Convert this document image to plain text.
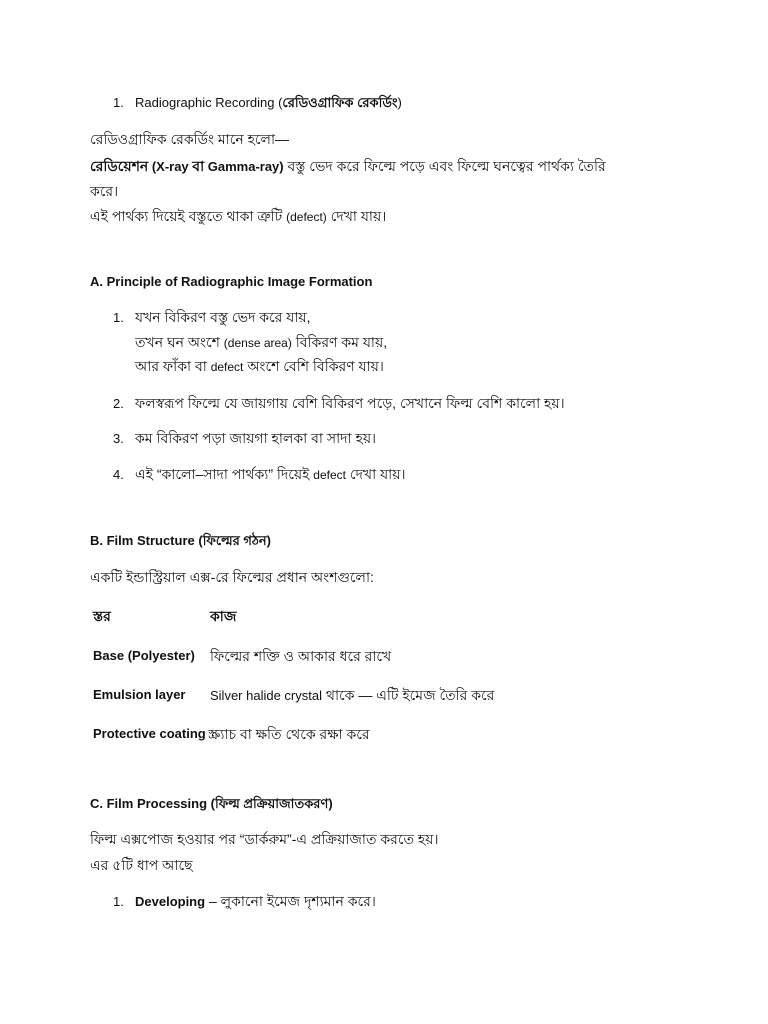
1. Radiographic Recording (রেডিওগ্রাফিক রেকর্ডিং)
রেডিওগ্রাফিক রেকর্ডিং মানে হলো—
রেডিয়েশন (X-ray বা Gamma-ray) বস্তু ভেদ করে ফিল্মে পড়ে এবং ফিল্মে ঘনত্বের পার্থক্য তৈরি
করে।
এই পার্থক্য দিয়েই বস্তুতে থাকা ত্রুটি (defect) দেখা যায়।
A. Principle of Radiographic Image Formation
1. যখন বিকিরণ বস্তু ভেদ করে যায়,
তখন ঘন অংশে (dense area) বিকিরণ কম যায়,
আর ফাঁকা বা defect অংশে বেশি বিকিরণ যায়।
2. ফলস্বরূপ ফিল্মে যে জায়গায় বেশি বিকিরণ পড়ে, সেখানে ফিল্ম বেশি কালো হয়।
3. কম বিকিরণ পড়া জায়গা হালকা বা সাদা হয়।
4. এই “কালো–সাদা পার্থক্য” দিয়েই defect দেখা যায়।
B. Film Structure (ফিল্মের গঠন)
একটি ইন্ডাস্ট্রিয়াল এক্স-রে ফিল্মের প্রধান অংশগুলো:
স্তর	কাজ
Base (Polyester) ফিল্মের শক্তি ও আকার ধরে রাখে
Emulsion layer Silver halide crystal থাকে — এটি ইমেজ তৈরি করে
Protective coating স্ক্র্যাচ বা ক্ষতি থেকে রক্ষা করে
C. Film Processing (ফিল্ম প্রক্রিয়াজাতকরণ)
ফিল্ম এক্সপোজ হওয়ার পর “ডার্করুম”-এ প্রক্রিয়াজাত করতে হয়।
এর ৫টি ধাপ আছে
1. Developing – লুকানো ইমেজ দৃশ্যমান করে।
